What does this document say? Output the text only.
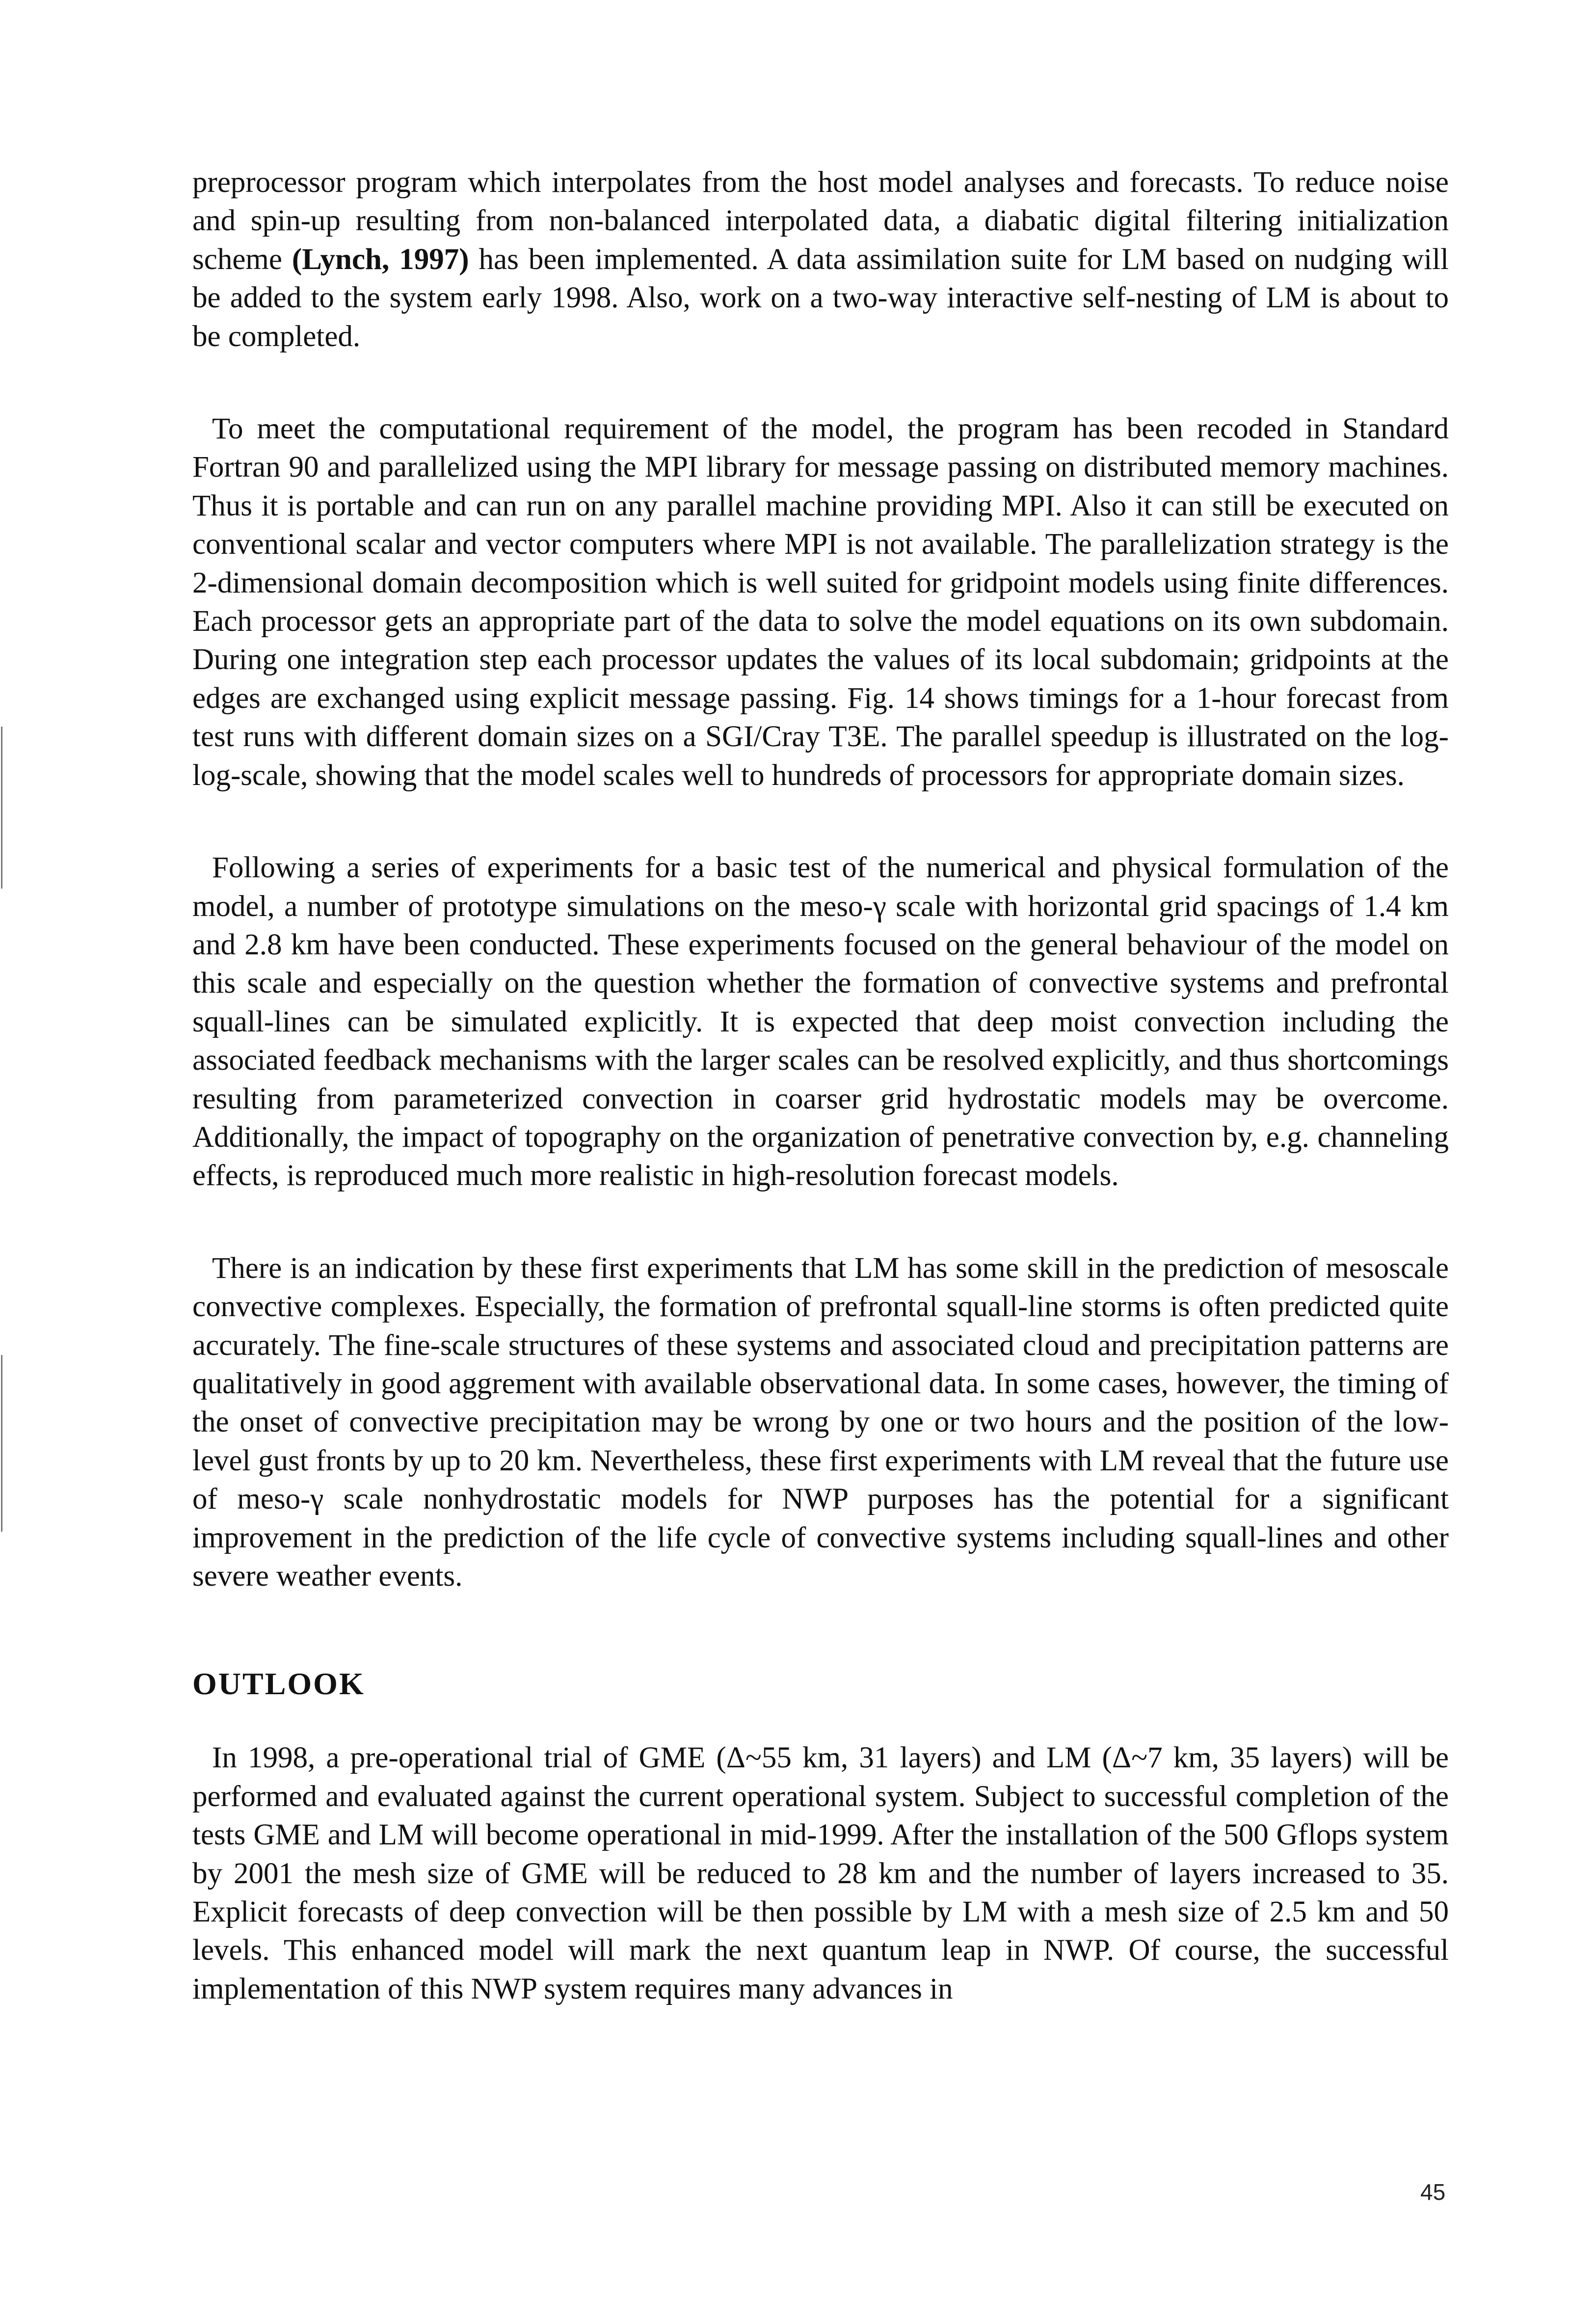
preprocessor program which interpolates from the host model analyses and forecasts. To reduce noise and spin-up resulting from non-balanced interpolated data, a diabatic digital filtering initialization scheme (Lynch, 1997) has been implemented. A data assimilation suite for LM based on nudging will be added to the system early 1998. Also, work on a two-way interactive self-nesting of LM is about to be completed.

To meet the computational requirement of the model, the program has been recoded in Standard Fortran 90 and parallelized using the MPI library for message passing on distributed memory machines. Thus it is portable and can run on any parallel machine providing MPI. Also it can still be executed on conventional scalar and vector computers where MPI is not available. The parallelization strategy is the 2-dimensional domain decomposition which is well suited for gridpoint models using finite differences. Each processor gets an appropriate part of the data to solve the model equations on its own subdomain. During one integration step each processor updates the values of its local subdomain; gridpoints at the edges are exchanged using explicit message passing. Fig. 14 shows timings for a 1-hour forecast from test runs with different domain sizes on a SGI/Cray T3E. The parallel speedup is illustrated on the log-log-scale, showing that the model scales well to hundreds of processors for appropriate domain sizes.

Following a series of experiments for a basic test of the numerical and physical formulation of the model, a number of prototype simulations on the meso-γ scale with horizontal grid spacings of 1.4 km and 2.8 km have been conducted. These experiments focused on the general behaviour of the model on this scale and especially on the question whether the formation of convective systems and prefrontal squall-lines can be simulated explicitly. It is expected that deep moist convection including the associated feedback mechanisms with the larger scales can be resolved explicitly, and thus shortcomings resulting from parameterized convection in coarser grid hydrostatic models may be overcome. Additionally, the impact of topography on the organization of penetrative convection by, e.g. channeling effects, is reproduced much more realistic in high-resolution forecast models.

There is an indication by these first experiments that LM has some skill in the prediction of mesoscale convective complexes. Especially, the formation of prefrontal squall-line storms is often predicted quite accurately. The fine-scale structures of these systems and associated cloud and precipitation patterns are qualitatively in good aggrement with available observational data. In some cases, however, the timing of the onset of convective precipitation may be wrong by one or two hours and the position of the low-level gust fronts by up to 20 km. Nevertheless, these first experiments with LM reveal that the future use of meso-γ scale nonhydrostatic models for NWP purposes has the potential for a significant improvement in the prediction of the life cycle of convective systems including squall-lines and other severe weather events.

OUTLOOK

In 1998, a pre-operational trial of GME (Δ~55 km, 31 layers) and LM (Δ~7 km, 35 layers) will be performed and evaluated against the current operational system. Subject to successful completion of the tests GME and LM will become operational in mid-1999. After the installation of the 500 Gflops system by 2001 the mesh size of GME will be reduced to 28 km and the number of layers increased to 35. Explicit forecasts of deep convection will be then possible by LM with a mesh size of 2.5 km and 50 levels. This enhanced model will mark the next quantum leap in NWP. Of course, the successful implementation of this NWP system requires many advances in

45
